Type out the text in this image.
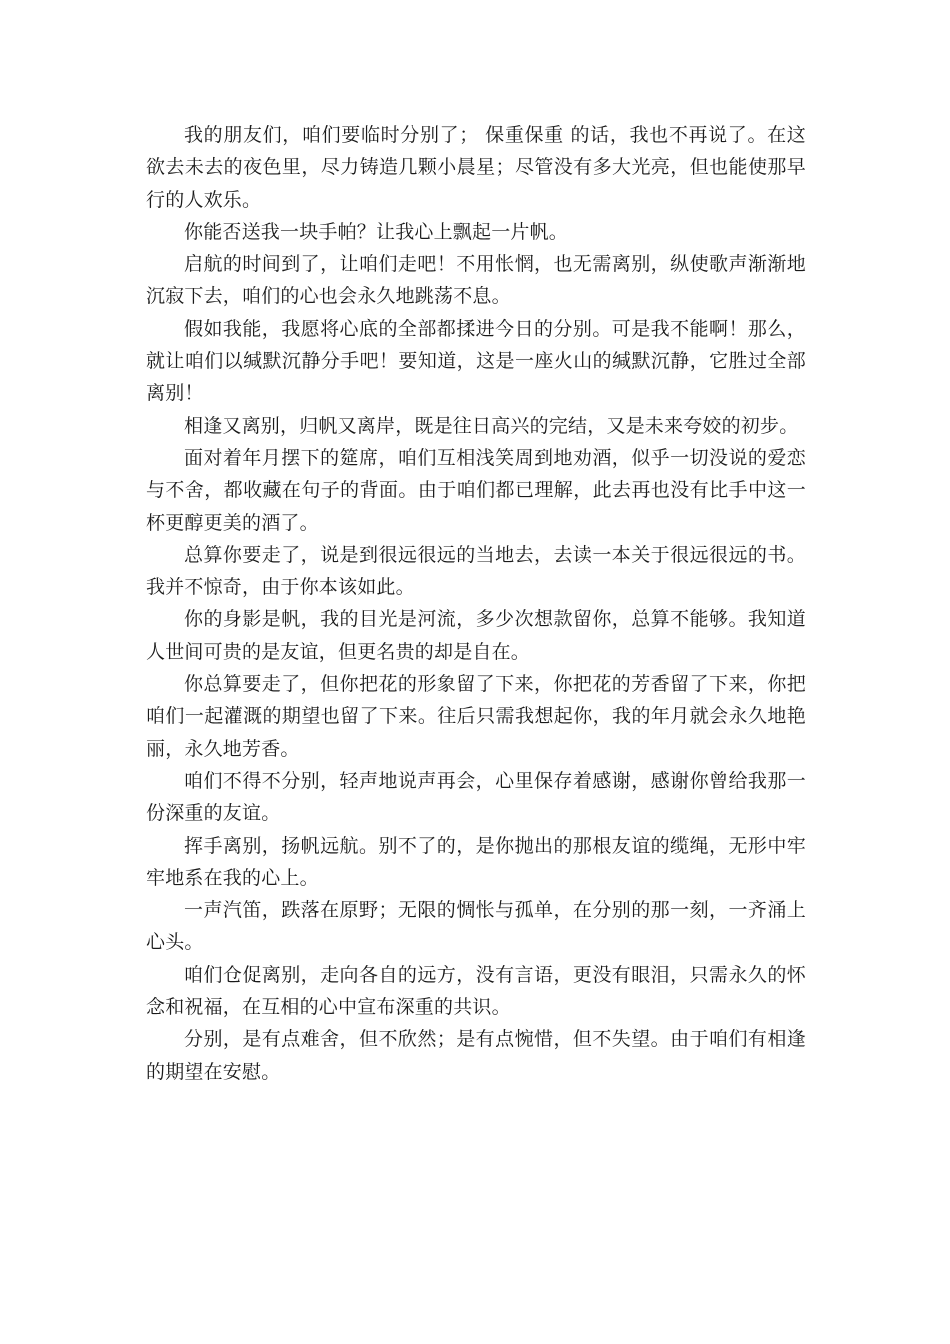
我的朋友们，咱们要临时分别了； 保重保重 的话，我也不再说了。在这欲去未去的夜色里，尽力铸造几颗小晨星；尽管没有多大光亮，但也能使那早行的人欢乐。

你能否送我一块手帕？让我心上飘起一片帆。

启航的时间到了，让咱们走吧！不用怅惘，也无需离别，纵使歌声渐渐地沉寂下去，咱们的心也会永久地跳荡不息。

假如我能，我愿将心底的全部都揉进今日的分别。可是我不能啊！那么，就让咱们以缄默沉静分手吧！要知道，这是一座火山的缄默沉静，它胜过全部离别！

相逢又离别，归帆又离岸，既是往日高兴的完结，又是未来夸姣的初步。

面对着年月摆下的筵席，咱们互相浅笑周到地劝酒，似乎一切没说的爱恋与不舍，都收藏在句子的背面。由于咱们都已理解，此去再也没有比手中这一杯更醇更美的酒了。

总算你要走了，说是到很远很远的当地去，去读一本关于很远很远的书。我并不惊奇，由于你本该如此。

你的身影是帆，我的目光是河流，多少次想款留你，总算不能够。我知道人世间可贵的是友谊，但更名贵的却是自在。

你总算要走了，但你把花的形象留了下来，你把花的芳香留了下来，你把咱们一起灌溉的期望也留了下来。往后只需我想起你，我的年月就会永久地艳丽，永久地芳香。

咱们不得不分别，轻声地说声再会，心里保存着感谢，感谢你曾给我那一份深重的友谊。

挥手离别，扬帆远航。别不了的，是你抛出的那根友谊的缆绳，无形中牢牢地系在我的心上。

一声汽笛，跌落在原野；无限的惆怅与孤单，在分别的那一刻，一齐涌上心头。

咱们仓促离别，走向各自的远方，没有言语，更没有眼泪，只需永久的怀念和祝福，在互相的心中宣布深重的共识。

分别，是有点难舍，但不欣然；是有点惋惜，但不失望。由于咱们有相逢的期望在安慰。
